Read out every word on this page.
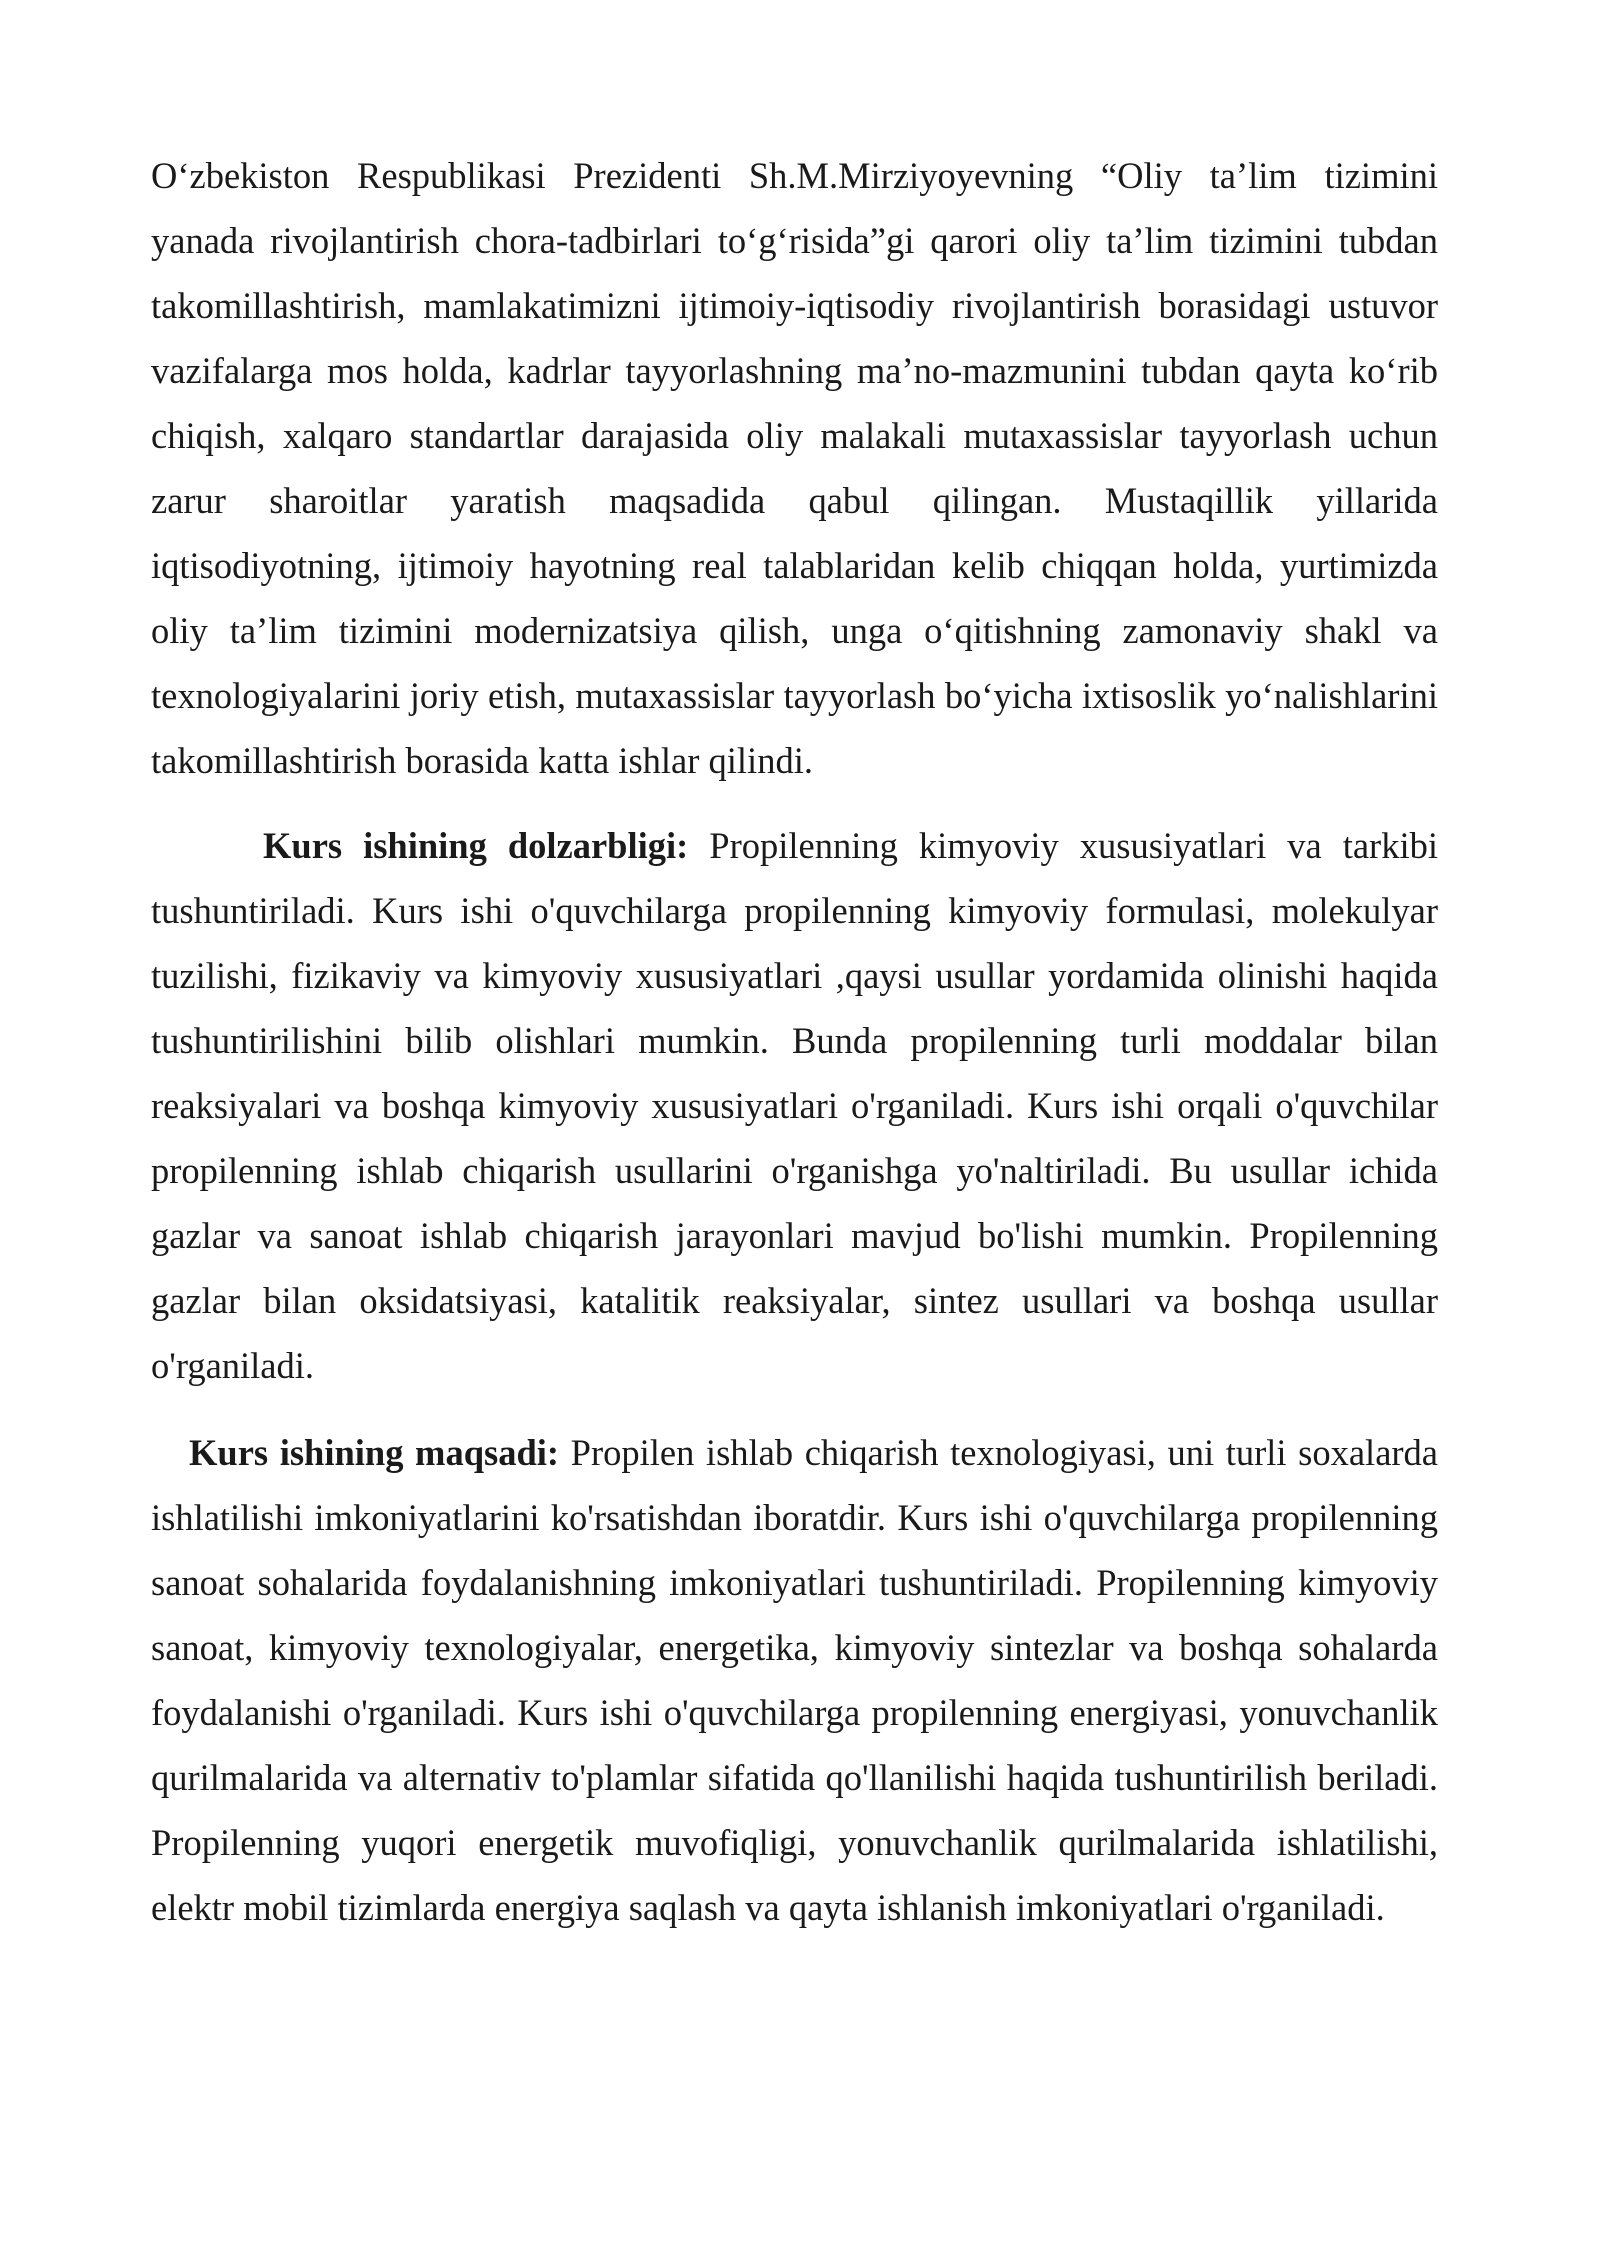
O‘zbekiston Respublikasi Prezidenti Sh.M.Mirziyoyevning “Oliy ta’lim tizimini yanada rivojlantirish chora-tadbirlari to‘g‘risida”gi qarori oliy ta’lim tizimini tubdan takomillashtirish, mamlakatimizni ijtimoiy-iqtisodiy rivojlantirish borasidagi ustuvor vazifalarga mos holda, kadrlar tayyorlashning ma’no-mazmunini tubdan qayta ko‘rib chiqish, xalqaro standartlar darajasida oliy malakali mutaxassislar tayyorlash uchun zarur sharoitlar yaratish maqsadida qabul qilingan. Mustaqillik yillarida iqtisodiyotning, ijtimoiy hayotning real talablaridan kelib chiqqan holda, yurtimizda oliy ta’lim tizimini modernizatsiya qilish, unga o‘qitishning zamonaviy shakl va texnologiyalarini joriy etish, mutaxassislar tayyorlash bo‘yicha ixtisoslik yo‘nalishlarini takomillashtirish borasida katta ishlar qilindi.

Kurs ishining dolzarbligi: Propilenning kimyoviy xususiyatlari va tarkibi tushuntiriladi. Kurs ishi o'quvchilarga propilenning kimyoviy formulasi, molekulyar tuzilishi, fizikaviy va kimyoviy xususiyatlari ,qaysi usullar yordamida olinishi haqida tushuntirilishini bilib olishlari mumkin. Bunda propilenning turli moddalar bilan reaksiyalari va boshqa kimyoviy xususiyatlari o'rganiladi. Kurs ishi orqali o'quvchilar propilenning ishlab chiqarish usullarini o'rganishga yo'naltiriladi. Bu usullar ichida gazlar va sanoat ishlab chiqarish jarayonlari mavjud bo'lishi mumkin. Propilenning gazlar bilan oksidatsiyasi, katalitik reaksiyalar, sintez usullari va boshqa usullar o'rganiladi.

Kurs ishining maqsadi: Propilen ishlab chiqarish texnologiyasi, uni turli soxalarda ishlatilishi imkoniyatlarini ko'rsatishdan iboratdir. Kurs ishi o'quvchilarga propilenning sanoat sohalarida foydalanishning imkoniyatlari tushuntiriladi. Propilenning kimyoviy sanoat, kimyoviy texnologiyalar, energetika, kimyoviy sintezlar va boshqa sohalarda foydalanishi o'rganiladi. Kurs ishi o'quvchilarga propilenning energiyasi, yonuvchanlik qurilmalarida va alternativ to'plamlar sifatida qo'llanilishi haqida tushuntirilish beriladi. Propilenning yuqori energetik muvofiqligi, yonuvchanlik qurilmalarida ishlatilishi, elektr mobil tizimlarda energiya saqlash va qayta ishlanish imkoniyatlari o'rganiladi.
